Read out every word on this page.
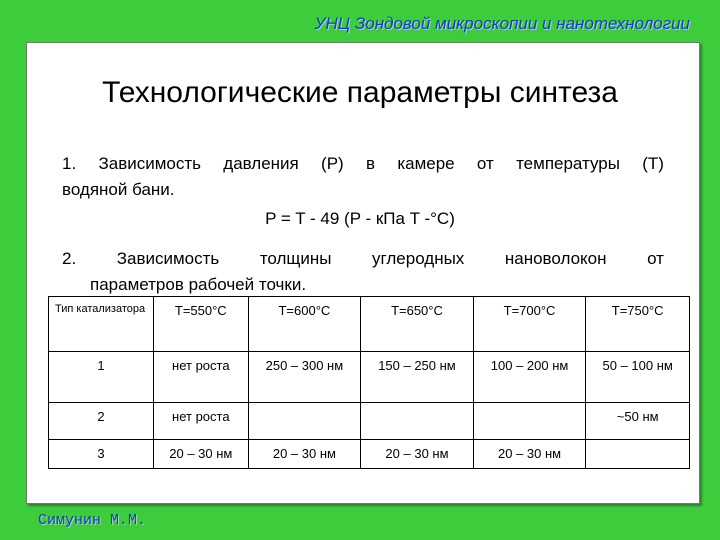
УНЦ Зондовой микроскопии и нанотехнологии
Технологические параметры синтеза
1. Зависимость давления (P) в камере от температуры (T)
водяной бани.
P = T - 49 (P - кПа T -°C)
2. Зависимость толщины углеродных нановолокон от
параметров рабочей точки.
Тип катализатора	T=550°C	T=600°C	T=650°C	T=700°C	T=750°C
1	нет роста	250 – 300 нм	150 – 250 нм	100 – 200 нм	50 – 100 нм
2	нет роста				~50 нм
3	20 – 30 нм	20 – 30 нм	20 – 30 нм	20 – 30 нм	
Симунин М.М.
